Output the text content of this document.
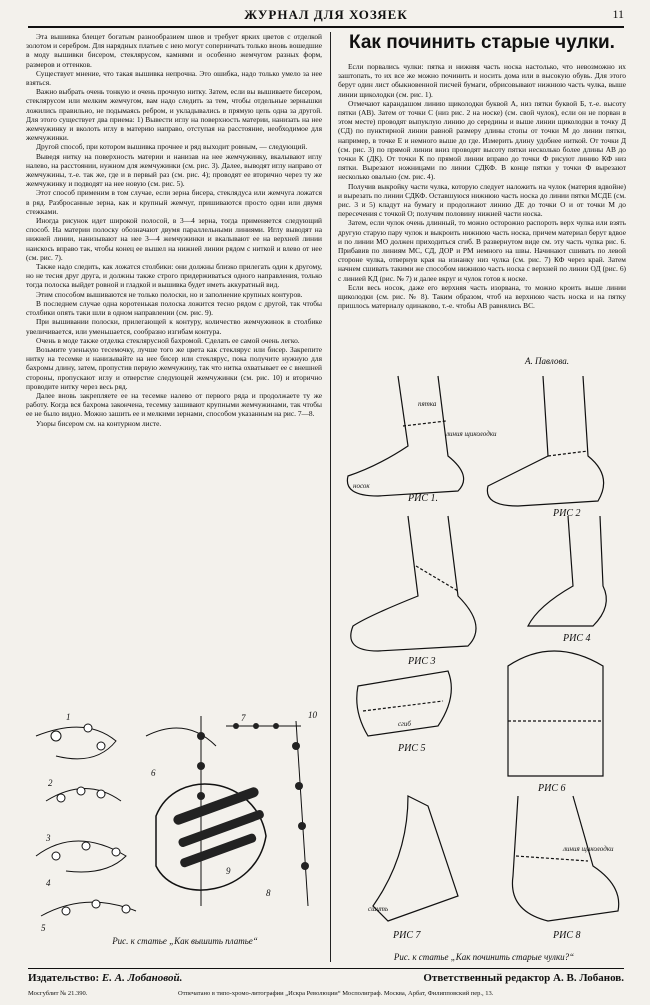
ЖУРНАЛ ДЛЯ ХОЗЯЕК	11

Эта вышивка блещет богатым разнообразием швов и требует ярких цветов с отделкой золотом и серебром. Для нарядных платьев с нею могут соперничать только вновь вошедшие в моду вышивки бисером, стеклярусом, камнями и особенно жемчугом разных форм, размеров и оттенков.

Существует мнение, что такая вышивка непрочна. Это ошибка, надо только умело за нее взяться.

Важно выбрать очень тонкую и очень прочную нитку. Затем, если вы вышиваете бисером, стеклярусом или мелким жемчугом, вам надо следить за тем, чтобы отдельные зернышки ложились правильно, не подымаясь ребром, и укладывались в прямую цепь одна за другой. Для этого существует два приема: 1) Вывести иглу на поверхность материи, нанизать на нее жемчужинку и вколоть иглу в материю направо, отступая на расстояние, необходимое для жемчужинки.

Другой способ, при котором вышивка прочнее и ряд выходит ровным, — следующий.

Выведя нитку на поверхность материи и нанизав на нее жемчужинку, вкалывают иглу налево, на расстоянии, нужном для жемчужинки (см. рис. 3). Далее, выводят иглу направо от жемчужины, т.-е. так же, где и в первый раз (см. рис. 4); проводят ее вторично через ту же жемчужинку и подводят на нее новую (см. рис. 5).

Этот способ применим в том случае, если зерна бисера, стеклядуса или жемчуга ложатся в ряд. Разбросанные зерна, как и крупный жемчуг, пришиваются просто одни или двумя стежками.

Иногда рисунок идет широкой полосой, в 3—4 зерна, тогда применяется следующий способ. На материи полоску обозначают двумя параллельными линиями. Иглу выводят на нижней линии, нанизывают на нее 3—4 жемчужинки и вкалывают ее на верхней линии наискось вправо так, чтобы конец ее вышел на нижней линии рядом с ниткой и влево от нее (см. рис. 7).

Также надо следить, как ложатся столбики: они должны близко прилегать один к другому, но не тесня друг друга, и должны также строго придерживаться одного направления, только тогда полоска выйдет ровной и гладкой и вышивка будет иметь аккуратный вид.

Этим способом вышиваются не только полоски, но и заполнение крупных контуров.

В последнем случае одна коротенькая полоска ложится тесно рядом с другой, так чтобы столбики опять таки шли в одном направлении (см. рис. 9).

При вышивании полоски, прилегающей к контуру, количество жемчужинок в столбике увеличивается, или уменьшается, сообразно изгибам контура.

Очень в моде также отделка стеклярусной бахромой. Сделать ее самой очень легко.

Возьмите узенькую тесемочку, лучше того же цвета как стеклярус или бисер. Закрепите нитку на тесемке и нанизывайте на нее бисер или стеклярус, пока получите нужную для бахромы длину, затем, пропустив первую жемчужину, так что нитка охватывает ее с внешней стороны, пропускают иглу и отверстие следующей жемчужинки (см. рис. 10) и вторично проводите нитку через весь ряд.

Далее вновь закрепляете ее на тесемке налево от первого ряда и продолжаете ту же работу. Когда вся бахрома закончена, тесемку зашивают крупными жемчужинами, так чтобы ее не было видно. Можно зашить ее и мелкими зернами, способом указанным на рис. 7—8.

Узоры бисером см. на контурном листе.

Как починить старые чулки.

Если порвались чулки: пятка и нижняя часть носка настолько, что невозможно их заштопать, то их все же можно починить и носить дома или в высокую обувь. Для этого берут один лист обыкновенной писчей бумаги, обрисовывают нижнюю часть чулка, выше линии щиколодки (см. рис. 1).

Отмечают карандашом линию щиколодки буквой А, низ пятки буквой Б, т.-е. высоту пятки (АВ). Затем от точки С (низ рис. 2 на носке) (см. свой чулок), если он не порван в этом месте) проводят выпуклую линию до середины и выше линии щиколодки в точку Д (СД) по пунктирной линии равной размеру длины стопы от точки М до линии пятки, например, в точке Е и немного выше до где. Измерить длину удобнее ниткой. От точки Д (см. рис. 3) по прямой линии вниз проводят высоту пятки несколько более длины АВ до точки К (ДК). От точки К по прямой линии вправо до точки Ф рисуют линию КФ низ пятки. Вырезают ножницами по линии СДКФ. В конце пятки у точки Ф вырезают несколько овально (см. рис. 4).

Получив выкройку части чулка, которую следует наложить на чулок (материя вдвойне) и вырезать по линии СДКФ. Оставшуюся нижнюю часть носка до линии пятки МСДЕ (см. рис. 3 и 5) кладут на бумагу и продолжают линию ДЕ до точки О и от точки М до пересечения с точкой О; получим половину нижней части носка.

Затем, если чулок очень длинный, то можно осторожно распороть верх чулка или взять другую старую пару чулок и выкроить нижнюю часть носка, причем материал берут вдвое и по линии МО должен приходиться сгиб. В развернутом виде см. эту часть чулка рис. 6. Прибавив по линиям МС, СД, ДОР и РМ немного на швы. Начинают сшивать по левой стороне чулка, отвернув края на изнанку низ чулка (см. рис. 7) КФ через край. Затем начнем сшивать такими же способом нижнюю часть носка с верхней по линии ОД (рис. 6) с линией КД (рис. № 7) и далее вкруг и чулок готов к носке.

Если весь носок, даже его верхняя часть изорвана, то можно кроить выше линии щиколодки (см. рис. № 8). Таким образом, чтоб на верхнюю часть носка и на пятку пришлось материалу одинаково, т.-е. чтобы АВ равнялись ВС.

А. Павлова.
1
2
3
4
5
6
7
8
9
10
Рис. к статье „Как вышить платье“
РИС 1.
РИС 2
РИС 3
РИС 4
РИС 5
РИС 6
РИС 7	РИС 8
носок
пятка
линия щиколодки
сгиб
сшить
линия щиколодки
Рис. к статье „Как починить старые чулки?“
Издательство: Е. А. Лобановой.	Ответственный редактор А. В. Лобанов.
Мосгублит № 21.390.	Отпечатано в типо-хромо-литографии „Искра Революции“ Мосполиграф. Москва, Арбат, Филипповский пер., 13.
